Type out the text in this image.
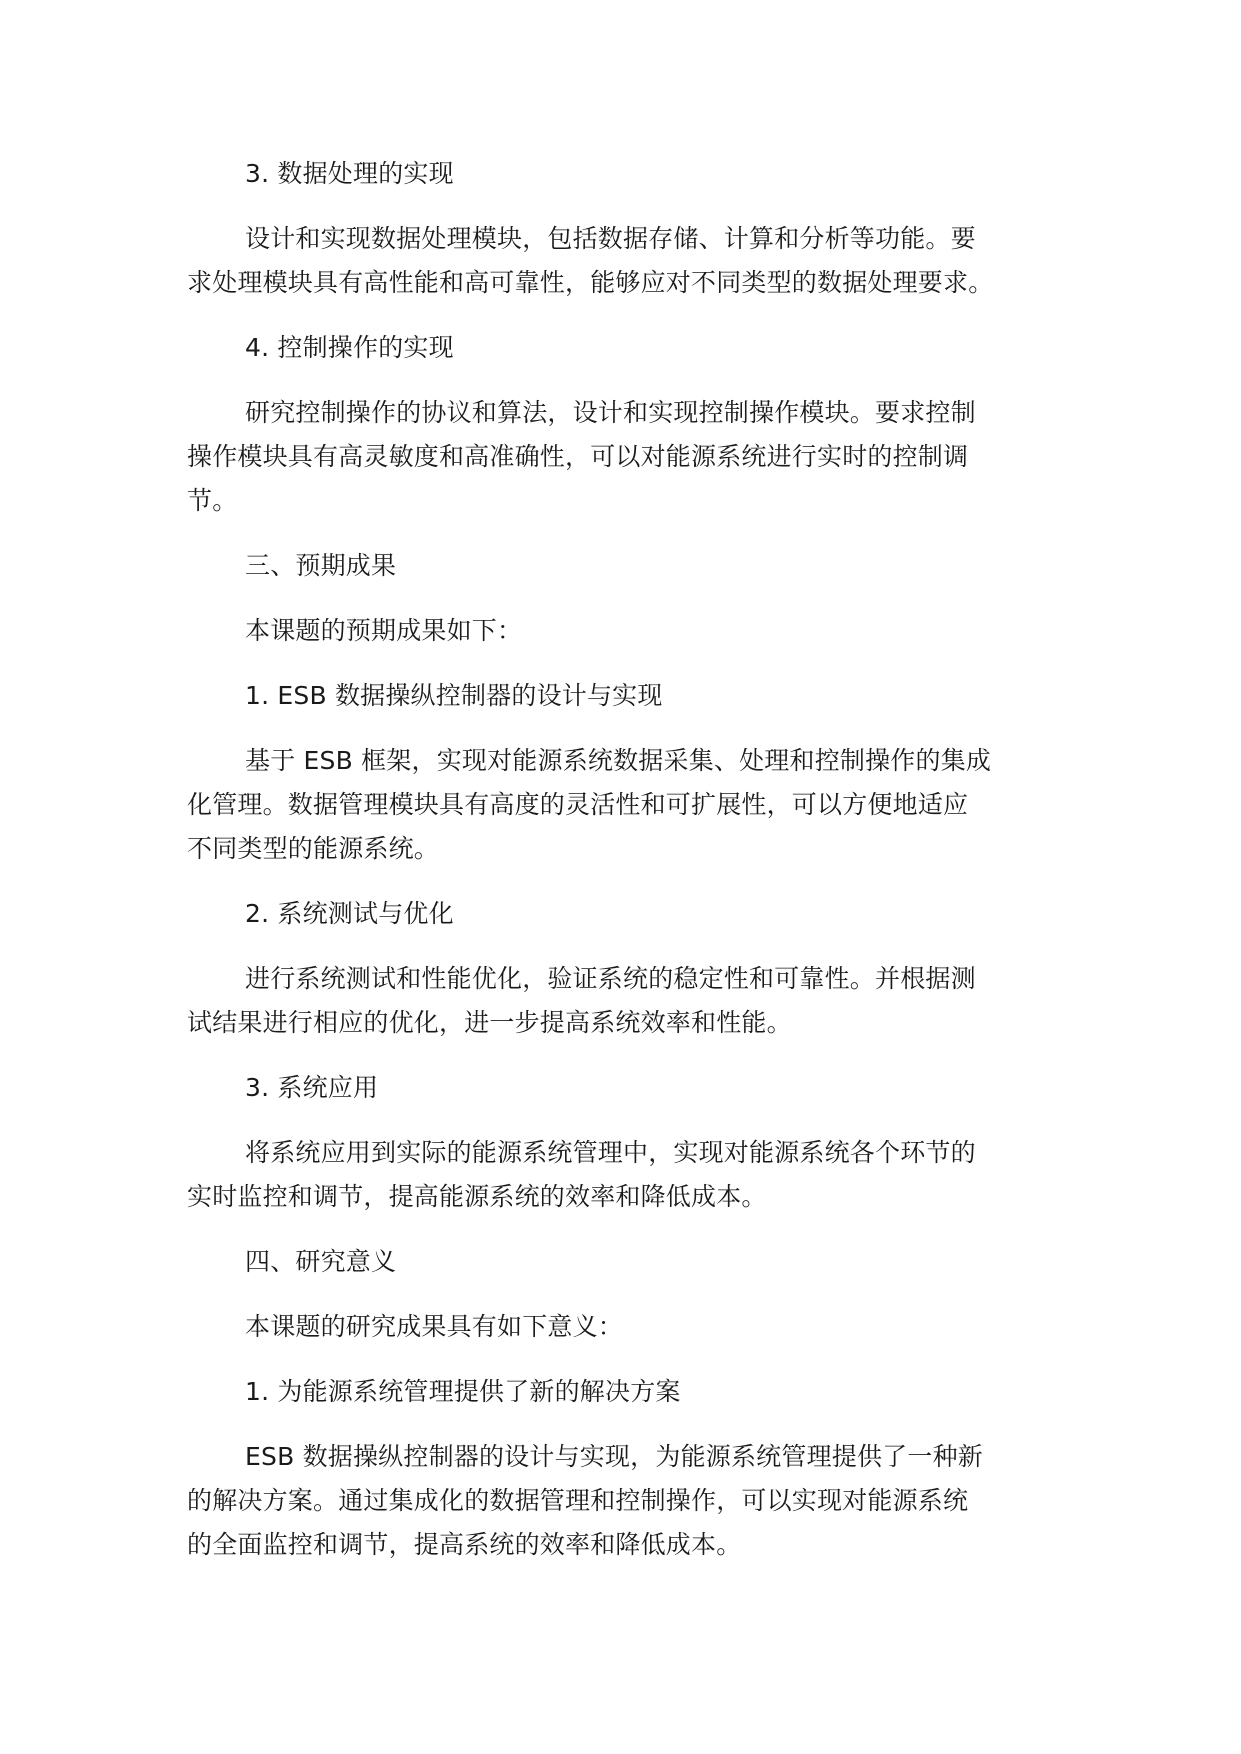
3. 数据处理的实现

设计和实现数据处理模块，包括数据存储、计算和分析等功能。要

求处理模块具有高性能和高可靠性，能够应对不同类型的数据处理要求。

4. 控制操作的实现

研究控制操作的协议和算法，设计和实现控制操作模块。要求控制

操作模块具有高灵敏度和高准确性，可以对能源系统进行实时的控制调

节。

三、预期成果

本课题的预期成果如下：

1. ESB 数据操纵控制器的设计与实现

基于 ESB 框架，实现对能源系统数据采集、处理和控制操作的集成

化管理。数据管理模块具有高度的灵活性和可扩展性，可以方便地适应

不同类型的能源系统。

2. 系统测试与优化

进行系统测试和性能优化，验证系统的稳定性和可靠性。并根据测

试结果进行相应的优化，进一步提高系统效率和性能。

3. 系统应用

将系统应用到实际的能源系统管理中，实现对能源系统各个环节的

实时监控和调节，提高能源系统的效率和降低成本。

四、研究意义

本课题的研究成果具有如下意义：

1. 为能源系统管理提供了新的解决方案

ESB 数据操纵控制器的设计与实现，为能源系统管理提供了一种新

的解决方案。通过集成化的数据管理和控制操作，可以实现对能源系统

的全面监控和调节，提高系统的效率和降低成本。
